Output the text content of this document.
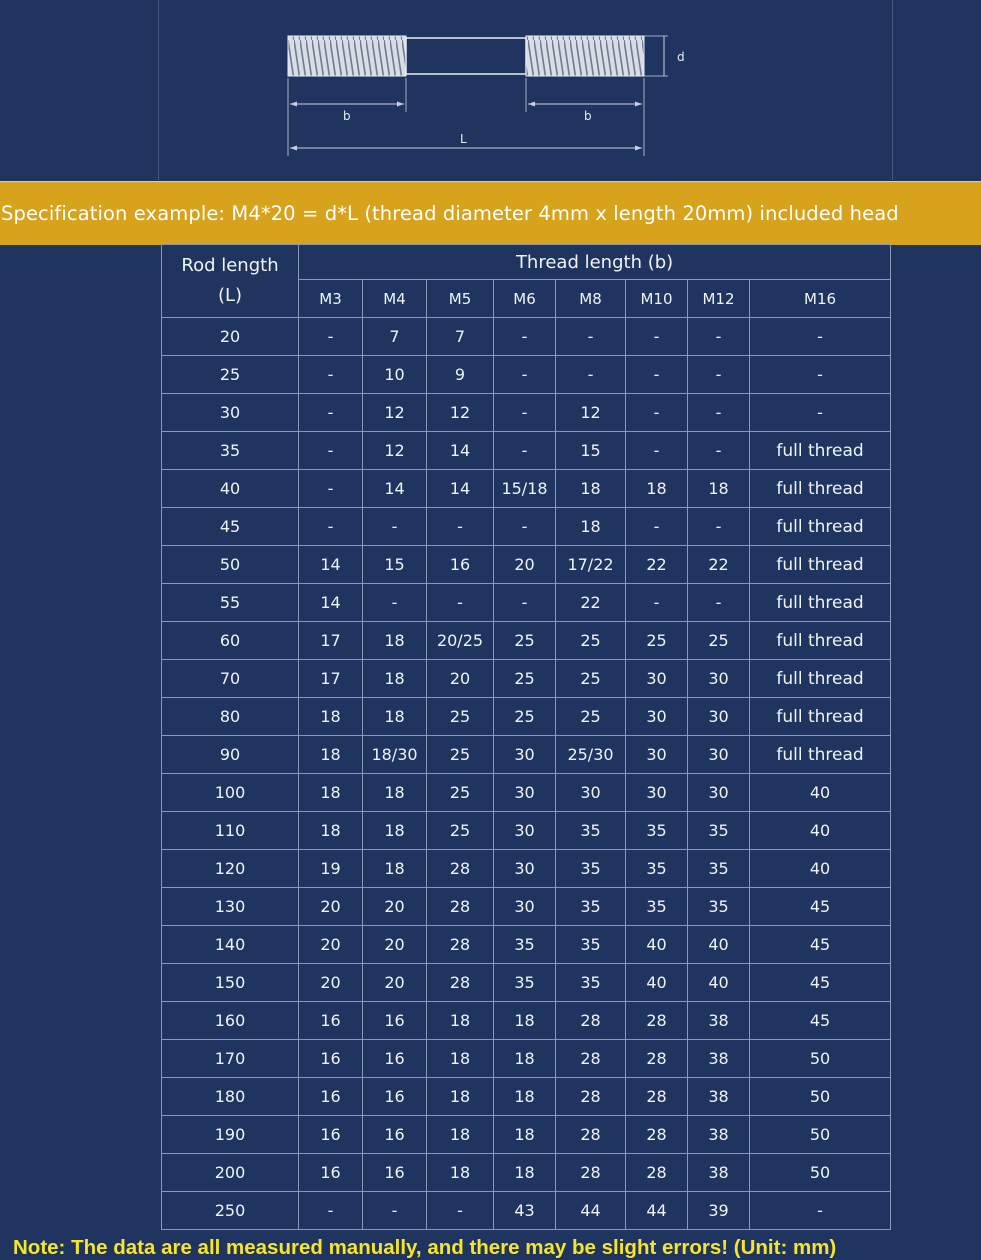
d
b	b
L
Specification example: M4*20 = d*L (thread diameter 4mm x length 20mm) included head
Rod length
(L)	Thread length (b)							
	M3	M4	M5	M6	M8	M10	M12	M16
20	-	7	7	-	-	-	-	-
25	-	10	9	-	-	-	-	-
30	-	12	12	-	12	-	-	-
35	-	12	14	-	15	-	-	full thread
40	-	14	14	15/18	18	18	18	full thread
45	-	-	-	-	18	-	-	full thread
50	14	15	16	20	17/22	22	22	full thread
55	14	-	-	-	22	-	-	full thread
60	17	18	20/25	25	25	25	25	full thread
70	17	18	20	25	25	30	30	full thread
80	18	18	25	25	25	30	30	full thread
90	18	18/30	25	30	25/30	30	30	full thread
100	18	18	25	30	30	30	30	40
110	18	18	25	30	35	35	35	40
120	19	18	28	30	35	35	35	40
130	20	20	28	30	35	35	35	45
140	20	20	28	35	35	40	40	45
150	20	20	28	35	35	40	40	45
160	16	16	18	18	28	28	38	45
170	16	16	18	18	28	28	38	50
180	16	16	18	18	28	28	38	50
190	16	16	18	18	28	28	38	50
200	16	16	18	18	28	28	38	50
250	-	-	-	43	44	44	39	-
Note: The data are all measured manually, and there may be slight errors! (Unit: mm)
